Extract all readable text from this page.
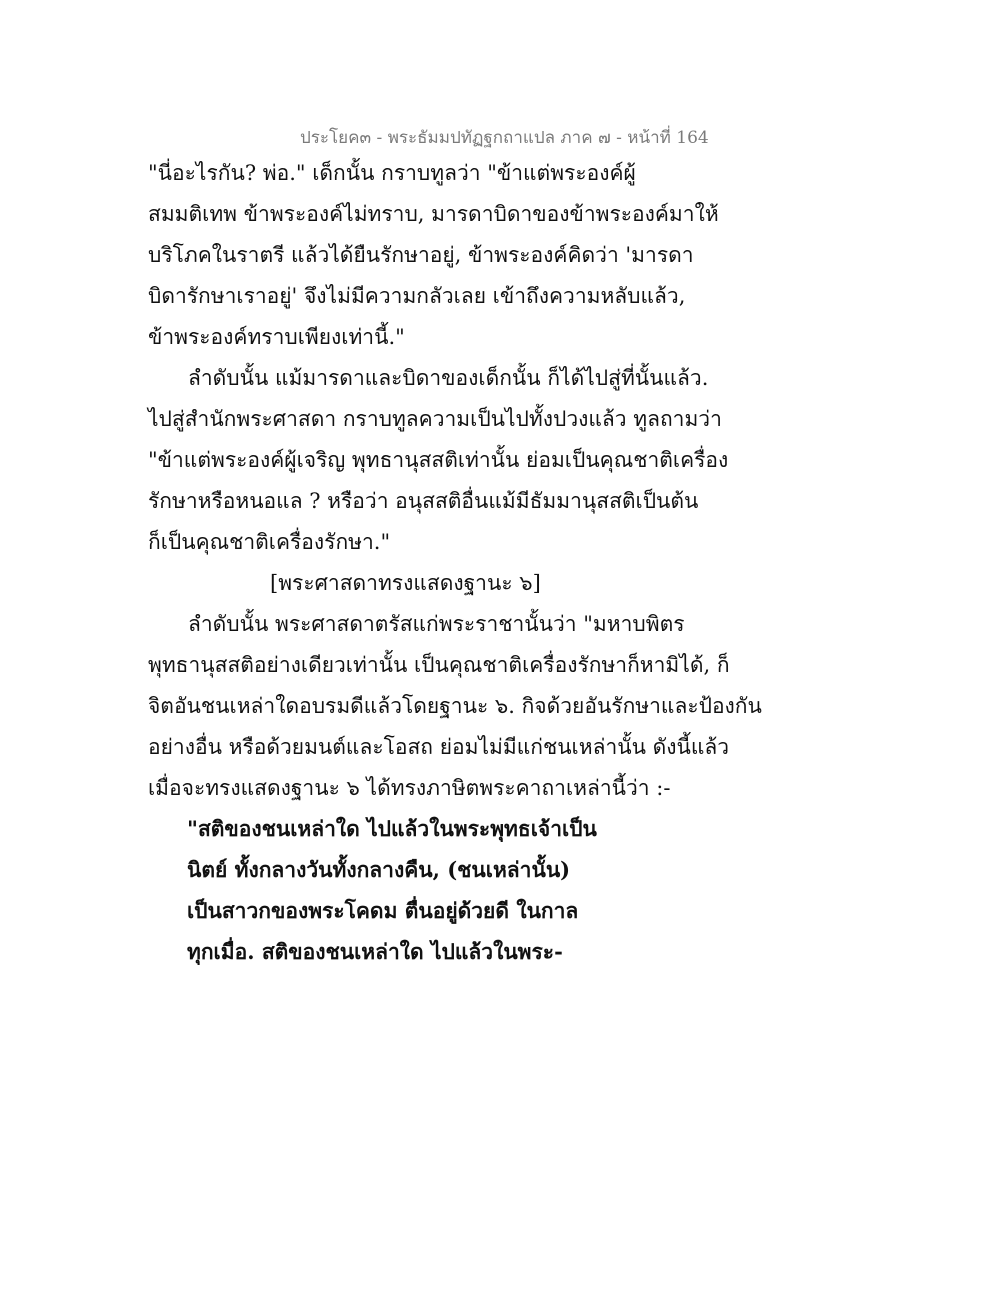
ประโยค๓ - พระธัมมปทัฏฐกถาแปล ภาค ๗ - หน้าที่ 164
"นี่อะไรกัน? พ่อ." เด็กนั้น กราบทูลว่า "ข้าแต่พระองค์ผู้
สมมติเทพ ข้าพระองค์ไม่ทราบ, มารดาบิดาของข้าพระองค์มาให้
บริโภคในราตรี แล้วได้ยืนรักษาอยู่, ข้าพระองค์คิดว่า 'มารดา
บิดารักษาเราอยู่' จึงไม่มีความกลัวเลย เข้าถึงความหลับแล้ว,
ข้าพระองค์ทราบเพียงเท่านี้."
ลำดับนั้น แม้มารดาและบิดาของเด็กนั้น ก็ได้ไปสู่ที่นั้นแล้ว.
ไปสู่สำนักพระศาสดา กราบทูลความเป็นไปทั้งปวงแล้ว ทูลถามว่า
"ข้าแต่พระองค์ผู้เจริญ พุทธานุสสติเท่านั้น ย่อมเป็นคุณชาติเครื่อง
รักษาหรือหนอแล ? หรือว่า อนุสสติอื่นแม้มีธัมมานุสสติเป็นต้น
ก็เป็นคุณชาติเครื่องรักษา."
[พระศาสดาทรงแสดงฐานะ ๖]
ลำดับนั้น พระศาสดาตรัสแก่พระราชานั้นว่า "มหาบพิตร
พุทธานุสสติอย่างเดียวเท่านั้น เป็นคุณชาติเครื่องรักษาก็หามิได้, ก็
จิตอันชนเหล่าใดอบรมดีแล้วโดยฐานะ ๖. กิจด้วยอันรักษาและป้องกัน
อย่างอื่น หรือด้วยมนต์และโอสถ ย่อมไม่มีแก่ชนเหล่านั้น ดังนี้แล้ว
เมื่อจะทรงแสดงฐานะ ๖ ได้ทรงภาษิตพระคาถาเหล่านี้ว่า :-
"สติของชนเหล่าใด ไปแล้วในพระพุทธเจ้าเป็น
นิตย์ ทั้งกลางวันทั้งกลางคืน, (ชนเหล่านั้น)
เป็นสาวกของพระโคดม ตื่นอยู่ด้วยดี ในกาล
ทุกเมื่อ. สติของชนเหล่าใด ไปแล้วในพระ-
